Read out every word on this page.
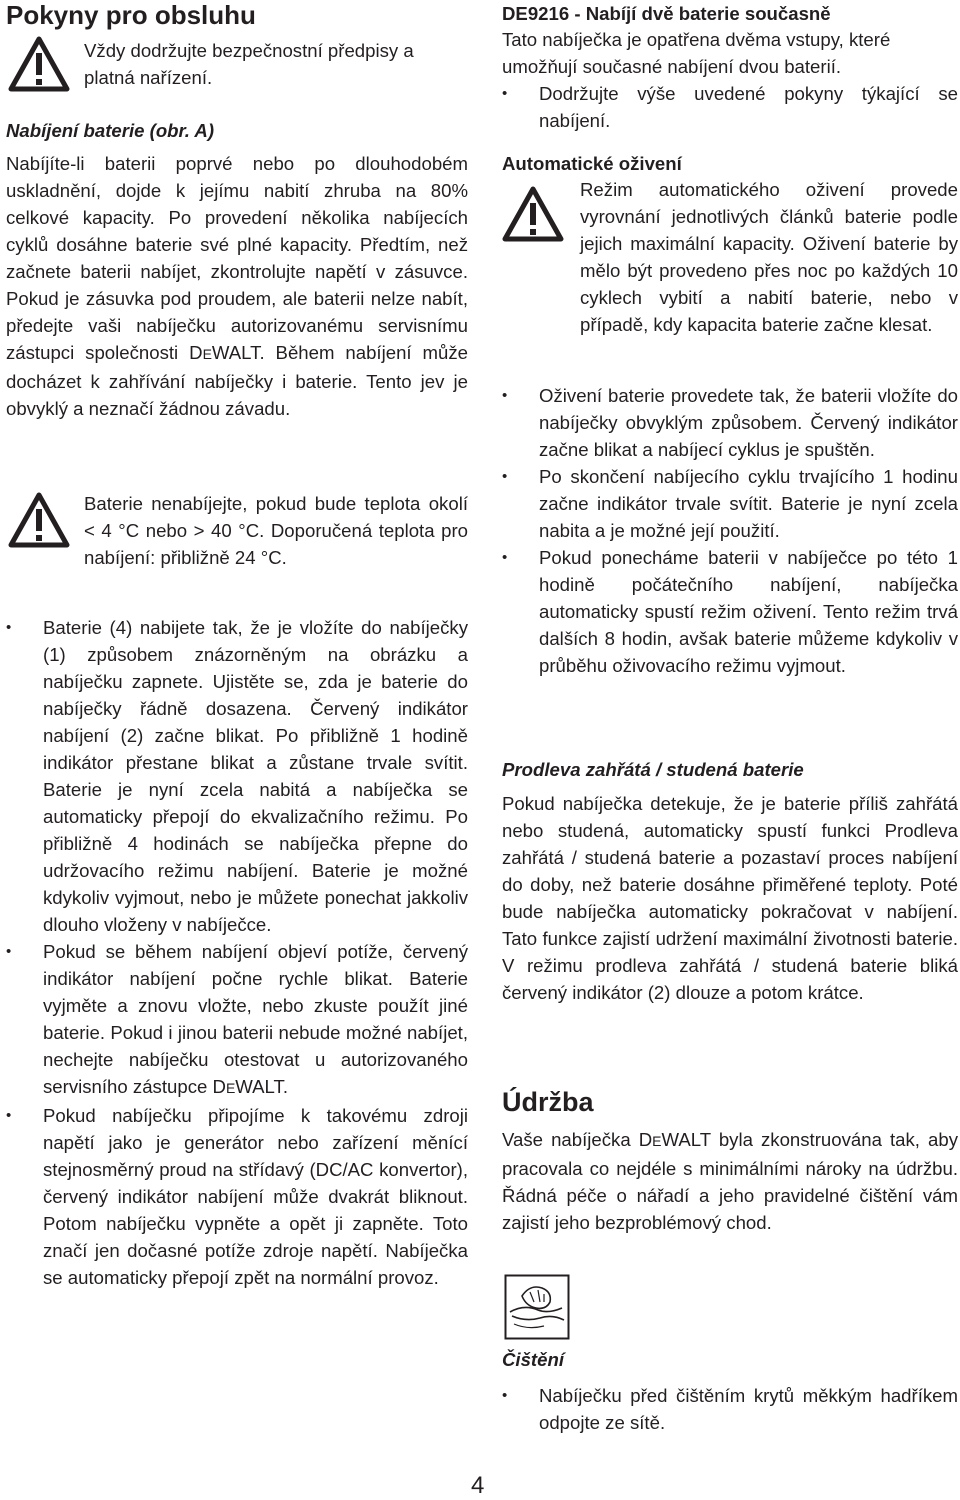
Pokyny pro obsluhu

Vždy dodržujte bezpečnostní předpisy a platná nařízení.

Nabíjení baterie (obr. A)

Nabíjíte-li baterii poprvé nebo po dlouhodobém uskladnění, dojde k jejímu nabití zhruba na 80% celkové kapacity. Po provedení několika nabíjecích cyklů dosáhne baterie své plné kapacity. Předtím, než začnete baterii nabíjet, zkontrolujte napětí v zásuvce. Pokud je zásuvka pod proudem, ale baterii nelze nabít, předejte vaši nabíječku autorizovanému servisnímu zástupci společnosti DEWALT. Během nabíjení může docházet k zahřívání nabíječky i baterie. Tento jev je obvyklý a neznačí žádnou závadu.

Baterie nenabíjejte, pokud bude teplota okolí < 4 °C nebo > 40 °C. Doporučená teplota pro nabíjení: přibližně 24 °C.

• Baterie (4) nabijete tak, že je vložíte do nabíječky (1) způsobem znázorněným na obrázku a nabíječku zapnete. Ujistěte se, zda je baterie do nabíječky řádně dosazena. Červený indikátor nabíjení (2) začne blikat. Po přibližně 1 hodině indikátor přestane blikat a zůstane trvale svítit. Baterie je nyní zcela nabitá a nabíječka se automaticky přepojí do ekvalizačního režimu. Po přibližně 4 hodinách se nabíječka přepne do udržovacího režimu nabíjení. Baterie je možné kdykoliv vyjmout, nebo je můžete ponechat jakkoliv dlouho vloženy v nabíječce.

• Pokud se během nabíjení objeví potíže, červený indikátor nabíjení počne rychle blikat. Baterie vyjměte a znovu vložte, nebo zkuste použít jiné baterie. Pokud i jinou baterii nebude možné nabíjet, nechejte nabíječku otestovat u autorizovaného servisního zástupce DEWALT.

• Pokud nabíječku připojíme k takovému zdroji napětí jako je generátor nebo zařízení měnící stejnosměrný proud na střídavý (DC/AC konvertor), červený indikátor nabíjení může dvakrát bliknout. Potom nabíječku vypněte a opět ji zapněte. Toto značí jen dočasné potíže zdroje napětí. Nabíječka se automaticky přepojí zpět na normální provoz.

DE9216 - Nabíjí dvě baterie současně

Tato nabíječka je opatřena dvěma vstupy, které umožňují současné nabíjení dvou baterií.

• Dodržujte výše uvedené pokyny týkající se nabíjení.

Automatické oživení

Režim automatického oživení provede vyrovnání jednotlivých článků baterie podle jejich maximální kapacity. Oživení baterie by mělo být provedeno přes noc po každých 10 cyklech vybití a nabití baterie, nebo v případě, kdy kapacita baterie začne klesat.

• Oživení baterie provedete tak, že baterii vložíte do nabíječky obvyklým způsobem. Červený indikátor začne blikat a nabíjecí cyklus je spuštěn.

• Po skončení nabíjecího cyklu trvajícího 1 hodinu začne indikátor trvale svítit. Baterie je nyní zcela nabita a je možné její použití.

• Pokud ponecháme baterii v nabíječce po této 1 hodině počátečního nabíjení, nabíječka automaticky spustí režim oživení. Tento režim trvá dalších 8 hodin, avšak baterie můžeme kdykoliv v průběhu oživovacího režimu vyjmout.

Prodleva zahřátá / studená baterie

Pokud nabíječka detekuje, že je baterie příliš zahřátá nebo studená, automaticky spustí funkci Prodleva zahřátá / studená baterie a pozastaví proces nabíjení do doby, než baterie dosáhne přiměřené teploty. Poté bude nabíječka automaticky pokračovat v nabíjení. Tato funkce zajistí udržení maximální životnosti baterie. V režimu prodleva zahřátá / studená baterie bliká červený indikátor (2) dlouze a potom krátce.

Údržba

Vaše nabíječka DEWALT byla zkonstruována tak, aby pracovala co nejdéle s minimálními nároky na údržbu. Řádná péče o nářadí a jeho pravidelné čištění vám zajistí jeho bezproblémový chod.

Čištění

• Nabíječku před čištěním krytů měkkým hadříkem odpojte ze sítě.

4
